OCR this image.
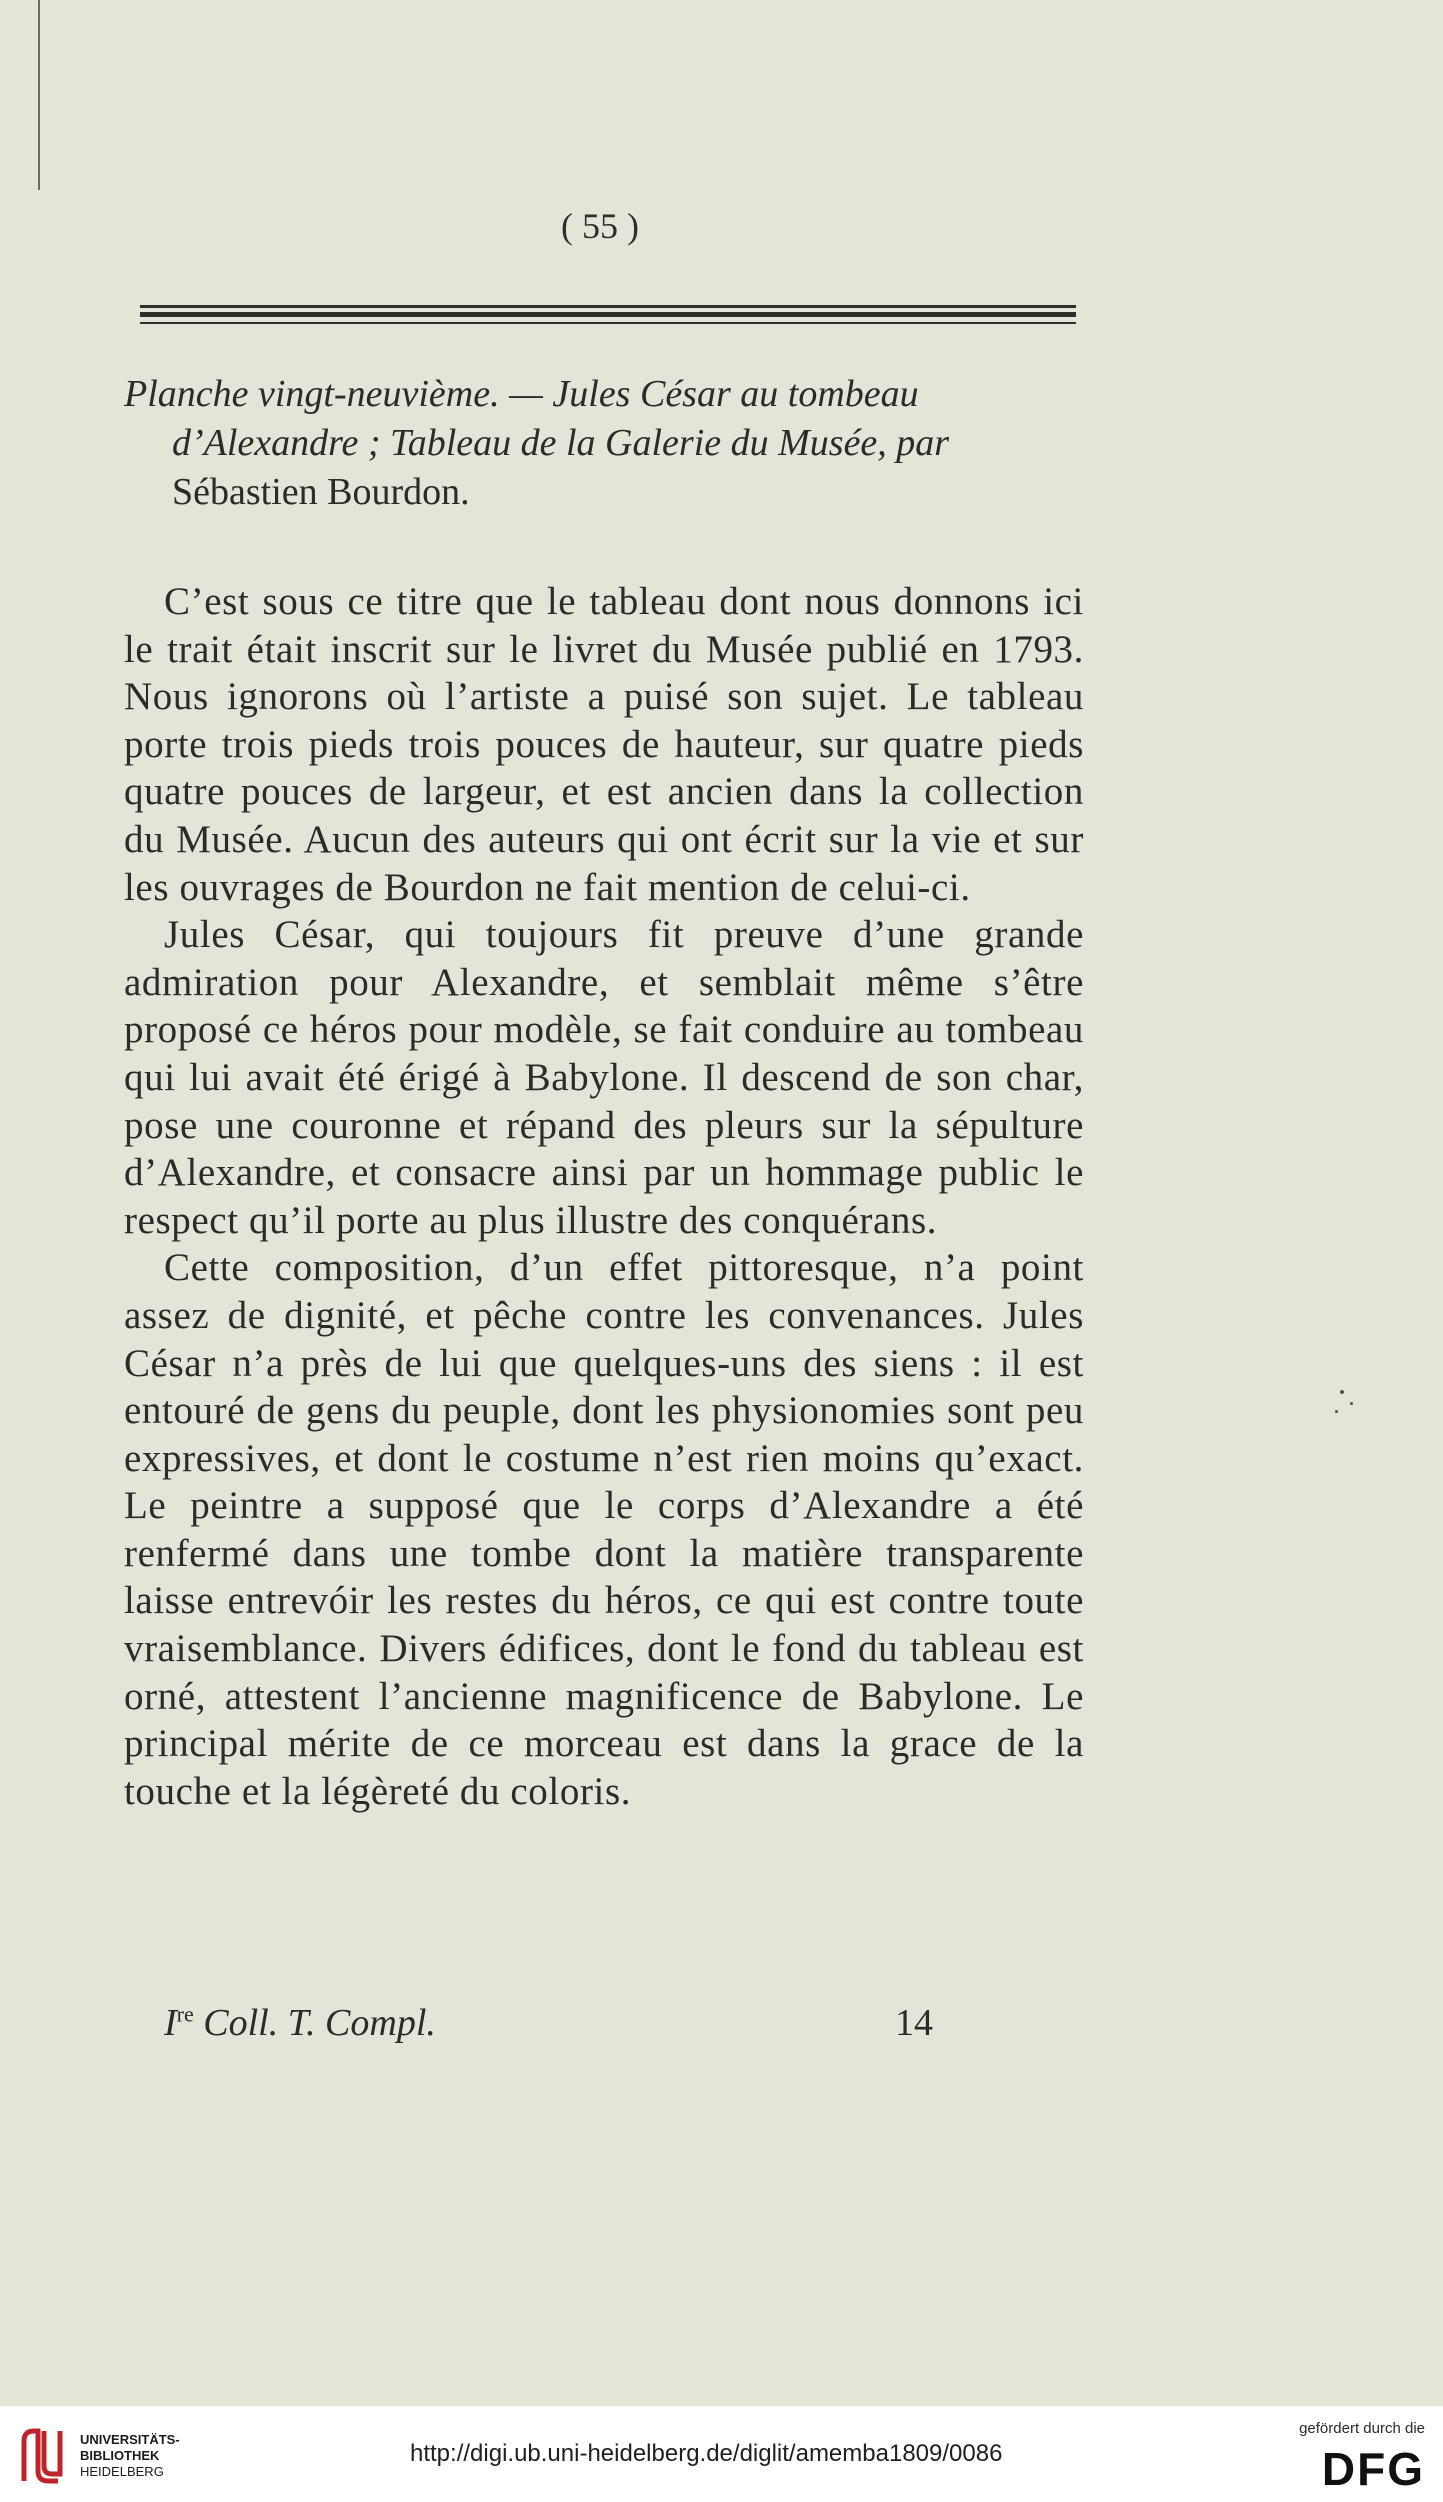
( 55 )
Planche vingt-neuvième. — Jules César au tombeau
d’Alexandre ; Tableau de la Galerie du Musée, par
Sébastien Bourdon.

C’est sous ce titre que le tableau dont nous donnons ici le trait était inscrit sur le livret du Musée publié en 1793. Nous ignorons où l’artiste a puisé son sujet. Le tableau porte trois pieds trois pouces de hauteur, sur quatre pieds quatre pouces de largeur, et est ancien dans la collection du Musée. Aucun des auteurs qui ont écrit sur la vie et sur les ouvrages de Bourdon ne fait mention de celui-ci.

Jules César, qui toujours fit preuve d’une grande admiration pour Alexandre, et semblait même s’être proposé ce héros pour modèle, se fait conduire au tombeau qui lui avait été érigé à Babylone. Il descend de son char, pose une couronne et répand des pleurs sur la sépulture d’Alexandre, et consacre ainsi par un hommage public le respect qu’il porte au plus illustre des conquérans.

Cette composition, d’un effet pittoresque, n’a point assez de dignité, et pêche contre les convenances. Jules César n’a près de lui que quelques-uns des siens : il est entouré de gens du peuple, dont les physionomies sont peu expressives, et dont le costume n’est rien moins qu’exact. Le peintre a supposé que le corps d’Alexandre a été renfermé dans une tombe dont la matière transparente laisse entrevóir les restes du héros, ce qui est contre toute vraisemblance. Divers édifices, dont le fond du tableau est orné, attestent l’ancienne magnificence de Babylone. Le principal mérite de ce morceau est dans la grace de la touche et la légèreté du coloris.

Ire Coll. T. Compl.	14
UNIVERSITÄTS-
BIBLIOTHEK
HEIDELBERG
http://digi.ub.uni-heidelberg.de/diglit/amemba1809/0086
gefördert durch die
DFG
